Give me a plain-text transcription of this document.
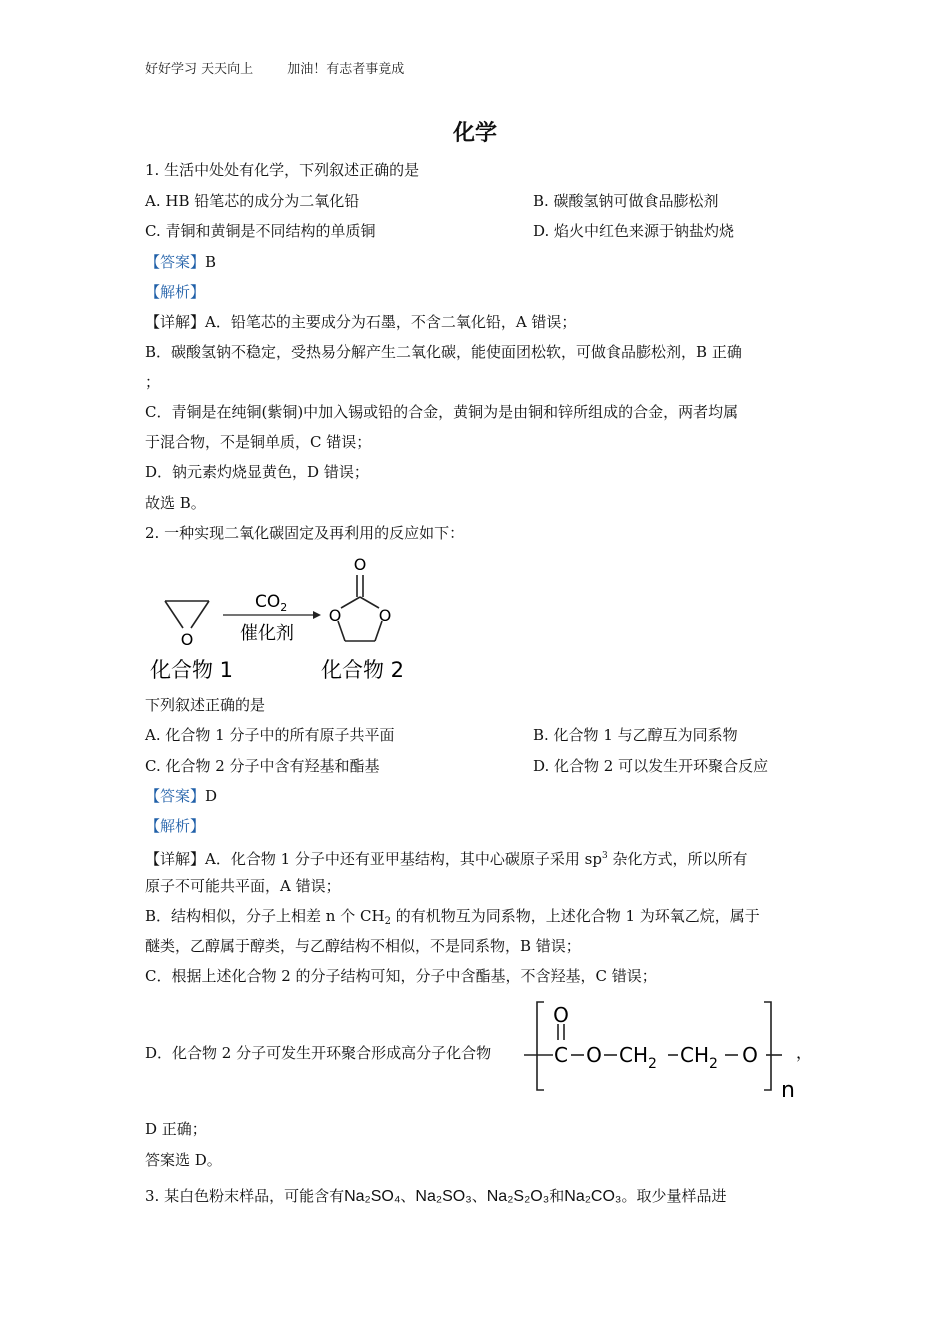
好好学习 天天向上	加油！有志者事竟成
化学
1. 生活中处处有化学，下列叙述正确的是
A. HB 铅笔芯的成分为二氧化铅	B. 碳酸氢钠可做食品膨松剂
C. 青铜和黄铜是不同结构的单质铜	D. 焰火中红色来源于钠盐灼烧
【答案】B
【解析】
【详解】A．铅笔芯的主要成分为石墨，不含二氧化铅，A 错误；
B．碳酸氢钠不稳定，受热易分解产生二氧化碳，能使面团松软，可做食品膨松剂，B 正确
；
C．青铜是在纯铜(紫铜)中加入锡或铅的合金，黄铜为是由铜和锌所组成的合金，两者均属
于混合物，不是铜单质，C 错误；
D．钠元素灼烧显黄色，D 错误；
故选 B。
2. 一种实现二氧化碳固定及再利用的反应如下：
O
$CO_2$
催化剂
O
O O
化合物 1	化合物 2
下列叙述正确的是
A. 化合物 1 分子中的所有原子共平面	B. 化合物 1 与乙醇互为同系物
C. 化合物 2 分子中含有羟基和酯基	D. 化合物 2 可以发生开环聚合反应
【答案】D
【解析】
【详解】A．化合物 1 分子中还有亚甲基结构，其中心碳原子采用 $sp^3$ 杂化方式，所以所有
原子不可能共平面，A 错误；
B．结构相似，分子上相差 n 个 $CH_2$ 的有机物互为同系物，上述化合物 1 为环氧乙烷，属于
醚类，乙醇属于醇类，与乙醇结构不相似，不是同系物，B 错误；
C．根据上述化合物 2 的分子结构可知，分子中含酯基，不含羟基，C 错误；
D．化合物 2 分子可发生开环聚合形成高分子化合物
O
C O $CH_2$ $CH_2$ O
n
，
D 正确；
答案选 D。
3. 某白色粉末样品，可能含有Na₂SO₄、Na₂SO₃、Na₂S₂O₃和Na₂CO₃。取少量样品进
